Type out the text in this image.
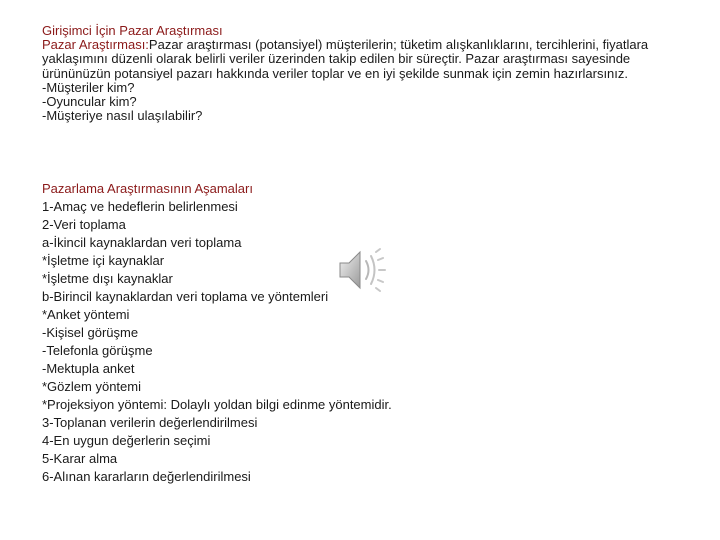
Girişimci İçin Pazar Araştırması
Pazar Araştırması:Pazar araştırması (potansiyel) müşterilerin; tüketim alışkanlıklarını, tercihlerini, fiyatlara yaklaşımını düzenli olarak belirli veriler üzerinden takip edilen bir süreçtir. Pazar araştırması sayesinde ürününüzün potansiyel pazarı hakkında veriler toplar ve en iyi şekilde sunmak için zemin hazırlarsınız.
-Müşteriler kim?
-Oyuncular kim?
-Müşteriye nasıl ulaşılabilir?
Pazarlama Araştırmasının Aşamaları
1-Amaç ve hedeflerin belirlenmesi
2-Veri toplama
a-İkincil kaynaklardan veri toplama
*İşletme içi kaynaklar
*İşletme dışı kaynaklar
b-Birincil kaynaklardan veri toplama ve yöntemleri
*Anket yöntemi
-Kişisel görüşme
-Telefonla görüşme
-Mektupla anket
*Gözlem yöntemi
*Projeksiyon yöntemi: Dolaylı yoldan bilgi edinme yöntemidir.
3-Toplanan verilerin değerlendirilmesi
4-En uygun değerlerin seçimi
5-Karar alma
6-Alınan kararların değerlendirilmesi
